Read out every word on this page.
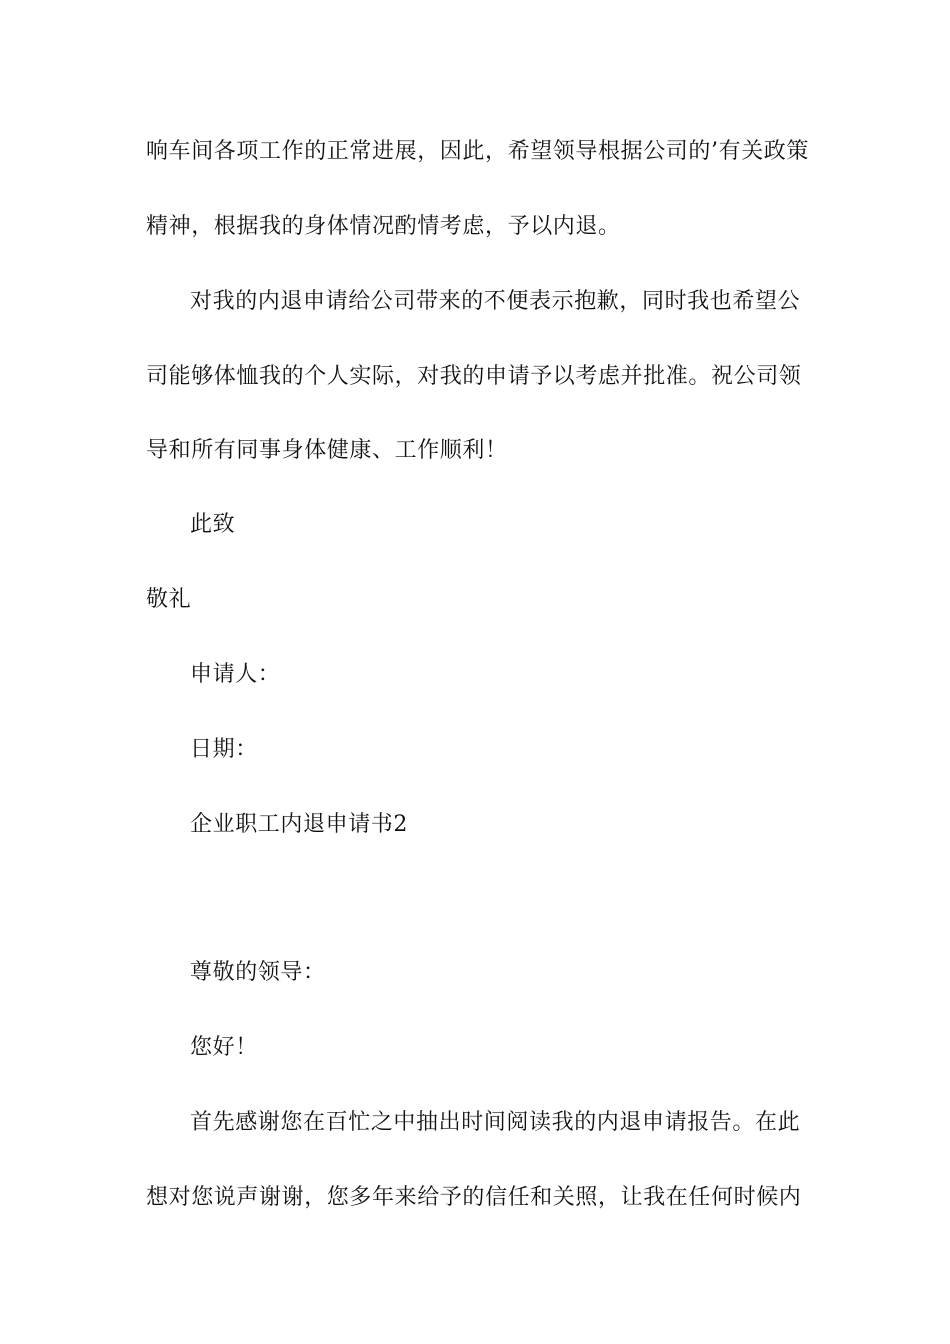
响车间各项工作的正常进展，因此，希望领导根据公司的’有关政策
精神，根据我的身体情况酌情考虑，予以内退。
对我的内退申请给公司带来的不便表示抱歉，同时我也希望公
司能够体恤我的个人实际，对我的申请予以考虑并批准。祝公司领
导和所有同事身体健康、工作顺利！
此致
敬礼
申请人：
日期：
企业职工内退申请书2
尊敬的领导：
您好！
首先感谢您在百忙之中抽出时间阅读我的内退申请报告。在此
想对您说声谢谢，您多年来给予的信任和关照，让我在任何时候内
